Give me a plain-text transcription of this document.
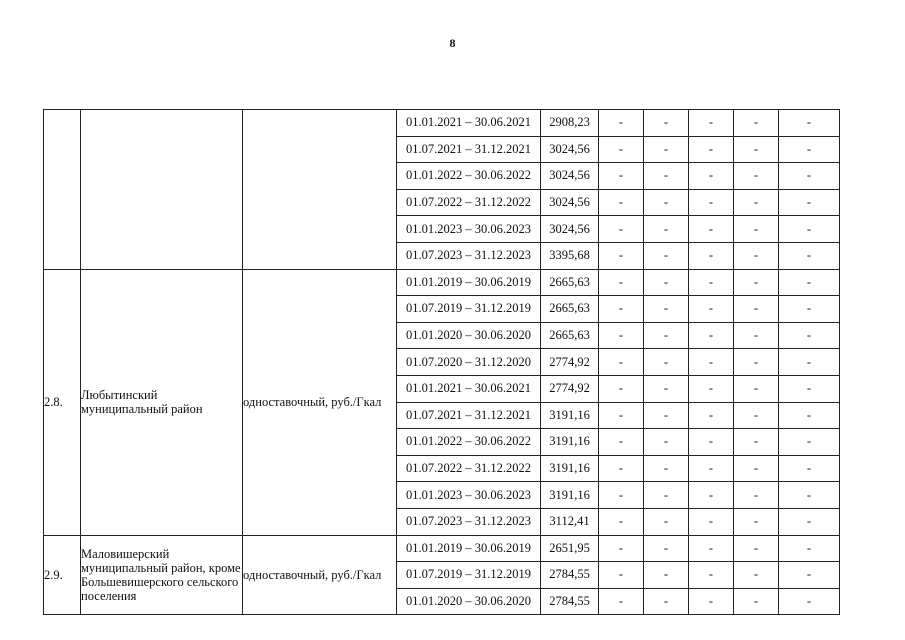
8
			01.01.2021 – 30.06.2021	2908,23	-	-	-	-	-
			01.07.2021 – 31.12.2021	3024,56	-	-	-	-	-
			01.01.2022 – 30.06.2022	3024,56	-	-	-	-	-
			01.07.2022 – 31.12.2022	3024,56	-	-	-	-	-
			01.01.2023 – 30.06.2023	3024,56	-	-	-	-	-
			01.07.2023 – 31.12.2023	3395,68	-	-	-	-	-
2.8.	Любытинский муниципальный район	одноставочный, руб./Гкал	01.01.2019 – 30.06.2019	2665,63	-	-	-	-	-
			01.07.2019 – 31.12.2019	2665,63	-	-	-	-	-
			01.01.2020 – 30.06.2020	2665,63	-	-	-	-	-
			01.07.2020 – 31.12.2020	2774,92	-	-	-	-	-
			01.01.2021 – 30.06.2021	2774,92	-	-	-	-	-
			01.07.2021 – 31.12.2021	3191,16	-	-	-	-	-
			01.01.2022 – 30.06.2022	3191,16	-	-	-	-	-
			01.07.2022 – 31.12.2022	3191,16	-	-	-	-	-
			01.01.2023 – 30.06.2023	3191,16	-	-	-	-	-
			01.07.2023 – 31.12.2023	3112,41	-	-	-	-	-
2.9.	Маловишерский муниципальный район, кроме Большевишерского сельского поселения	одноставочный, руб./Гкал	01.01.2019 – 30.06.2019	2651,95	-	-	-	-	-
			01.07.2019 – 31.12.2019	2784,55	-	-	-	-	-
			01.01.2020 – 30.06.2020	2784,55	-	-	-	-	-
